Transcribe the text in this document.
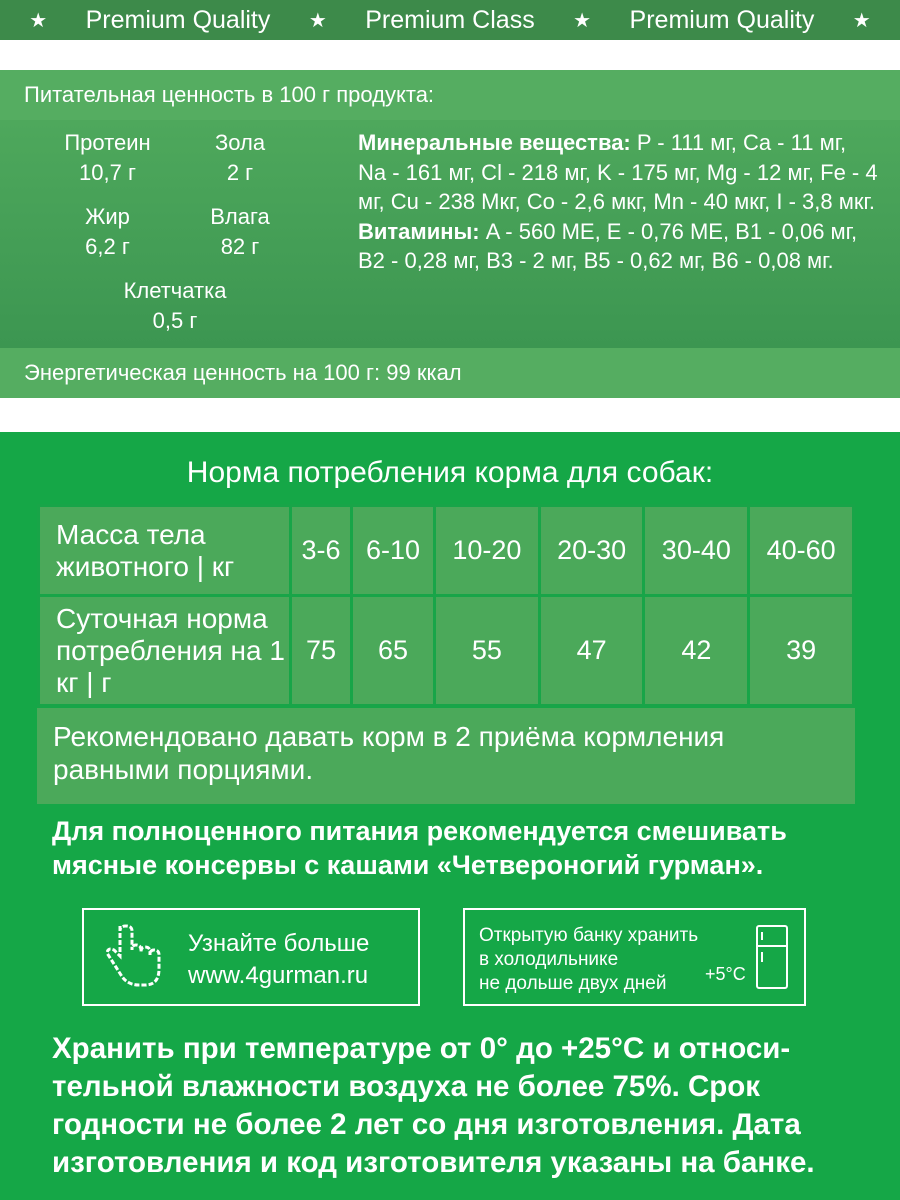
★ Premium Quality ★ Premium Class ★ Premium Quality ★
Питательная ценность в 100 г продукта:
Протеин
10,7 г
Зола
2 г
Жир
6,2 г
Влага
82 г
Клетчатка
0,5 г
Минеральные вещества: P - 111 мг, Ca - 11 мг, Na - 161 мг, Cl - 218 мг, K - 175 мг, Mg - 12 мг, Fe - 4 мг, Cu - 238 Мкг, Co - 2,6 мкг, Mn - 40 мкг, I - 3,8 мкг.
Витамины: A - 560 МЕ, E - 0,76 МЕ, B1 - 0,06 мг, B2 - 0,28 мг, B3 - 2 мг, B5 - 0,62 мг, B6 - 0,08 мг.
Энергетическая ценность на 100 г: 99 ккал
Норма потребления корма для собак:
Масса тела животного | кг	3-6	6-10	10-20	20-30	30-40	40-60
Суточная норма потребления на 1 кг | г	75	65	55	47	42	39
Рекомендовано давать корм в 2 приёма кормления равными порциями.
Для полноценного питания рекомендуется смешивать мясные консервы с кашами «Четвероногий гурман».
Узнайте больше
www.4gurman.ru
Открытую банку хранить
в холодильнике
не дольше двух дней	+5°C
Хранить при температуре от 0° до +25°C и относи-тельной влажности воздуха не более 75%. Срок годности не более 2 лет со дня изготовления. Дата изготовления и код изготовителя указаны на банке.
